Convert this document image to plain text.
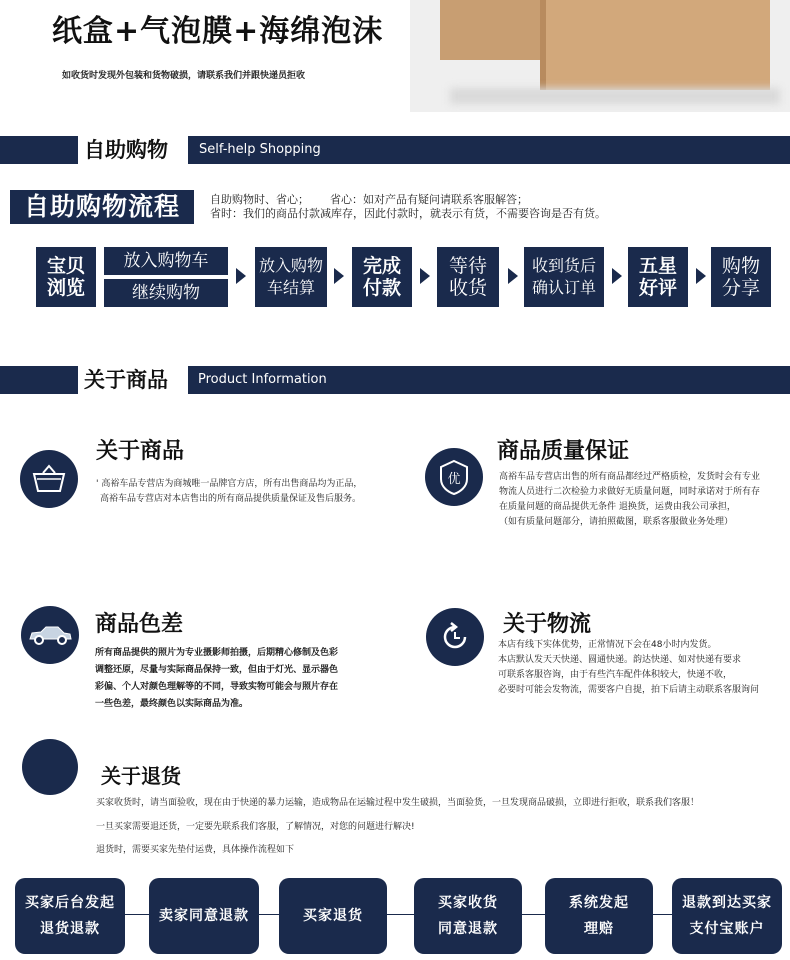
纸盒+气泡膜+海绵泡沫
如收货时发现外包装和货物破损，请联系我们并跟快递员拒收
自助购物	Self-help Shopping
自助购物流程	自助购物时、省心；      省心：如对产品有疑问请联系客服解答；
省时：我们的商品付款减库存，因此付款时，就表示有货，不需要咨询是否有货。
宝贝
浏览
放入购物车
继续购物
放入购物
车结算
完成
付款
等待
收货
收到货后
确认订单
五星
好评
购物
分享
关于商品	Product Information
关于商品
' 高裕车品专营店为商城唯一品牌官方店，所有出售商品均为正品，
高裕车品专营店对本店售出的所有商品提供质量保证及售后服务。
优
商品质量保证
高裕车品专营店出售的所有商品都经过严格质检，发货时会有专业
物流人员进行二次检验力求做好无质量问题，同时承诺对于所有存
在质量问题的商品提供无条件 退换货，运费由我公司承担，
（如有质量问题部分，请拍照截图，联系客服做业务处理）
商品色差
所有商品提供的照片为专业摄影师拍摄，后期精心修制及色彩
调整还原，尽量与实际商品保持一致，但由于灯光、显示器色
彩偏、个人对颜色理解等的不同，导致实物可能会与照片存在
一些色差，最终颜色以实际商品为准。
关于物流
本店有线下实体优势，正常情况下会在48小时内发货。
本店默认发天天快递、圆通快递。韵达快递、如对快递有要求
可联系客服咨询，由于有些汽车配件体积较大，快递不收，
必要时可能会发物流，需要客户自提，拍下后请主动联系客服询问
关于退货
买家收货时，请当面验收，现在由于快递的暴力运输，造成物品在运输过程中发生破损，当面验货，一旦发现商品破损，立即进行拒收，联系我们客服！
一旦买家需要退还货，一定要先联系我们客服，了解情况，对您的问题进行解决!
退货时，需要买家先垫付运费，具体操作流程如下
买家后台发起
退货退款
卖家同意退款	买家退货
买家收货
同意退款
系统发起
理赔
退款到达买家
支付宝账户
